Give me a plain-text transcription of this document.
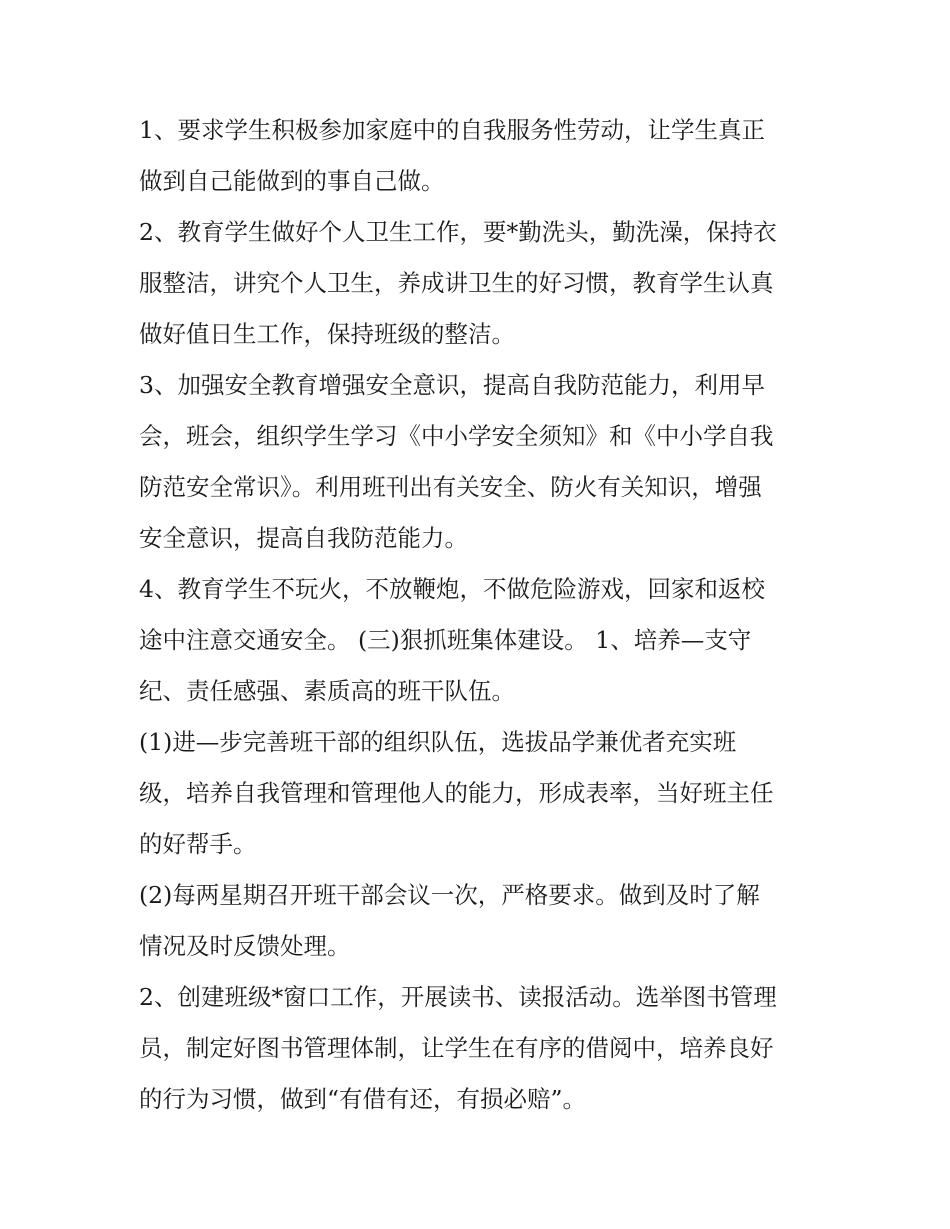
1、要求学生积极参加家庭中的自我服务性劳动，让学生真正
做到自己能做到的事自己做。
2、教育学生做好个人卫生工作，要*勤洗头，勤洗澡，保持衣
服整洁，讲究个人卫生，养成讲卫生的好习惯，教育学生认真
做好值日生工作，保持班级的整洁。
3、加强安全教育增强安全意识，提高自我防范能力，利用早
会，班会，组织学生学习《中小学安全须知》和《中小学自我
防范安全常识》。利用班刊出有关安全、防火有关知识，增强
安全意识，提高自我防范能力。
4、教育学生不玩火，不放鞭炮，不做危险游戏，回家和返校
途中注意交通安全。 (三)狠抓班集体建设。 1、培养—支守
纪、责任感强、素质高的班干队伍。
(1)进—步完善班干部的组织队伍，选拔品学兼优者充实班
级，培养自我管理和管理他人的能力，形成表率，当好班主任
的好帮手。
(2)每两星期召开班干部会议一次，严格要求。做到及时了解
情况及时反馈处理。
2、创建班级*窗口工作，开展读书、读报活动。选举图书管理
员，制定好图书管理体制，让学生在有序的借阅中，培养良好
的行为习惯，做到“有借有还，有损必赔”。
